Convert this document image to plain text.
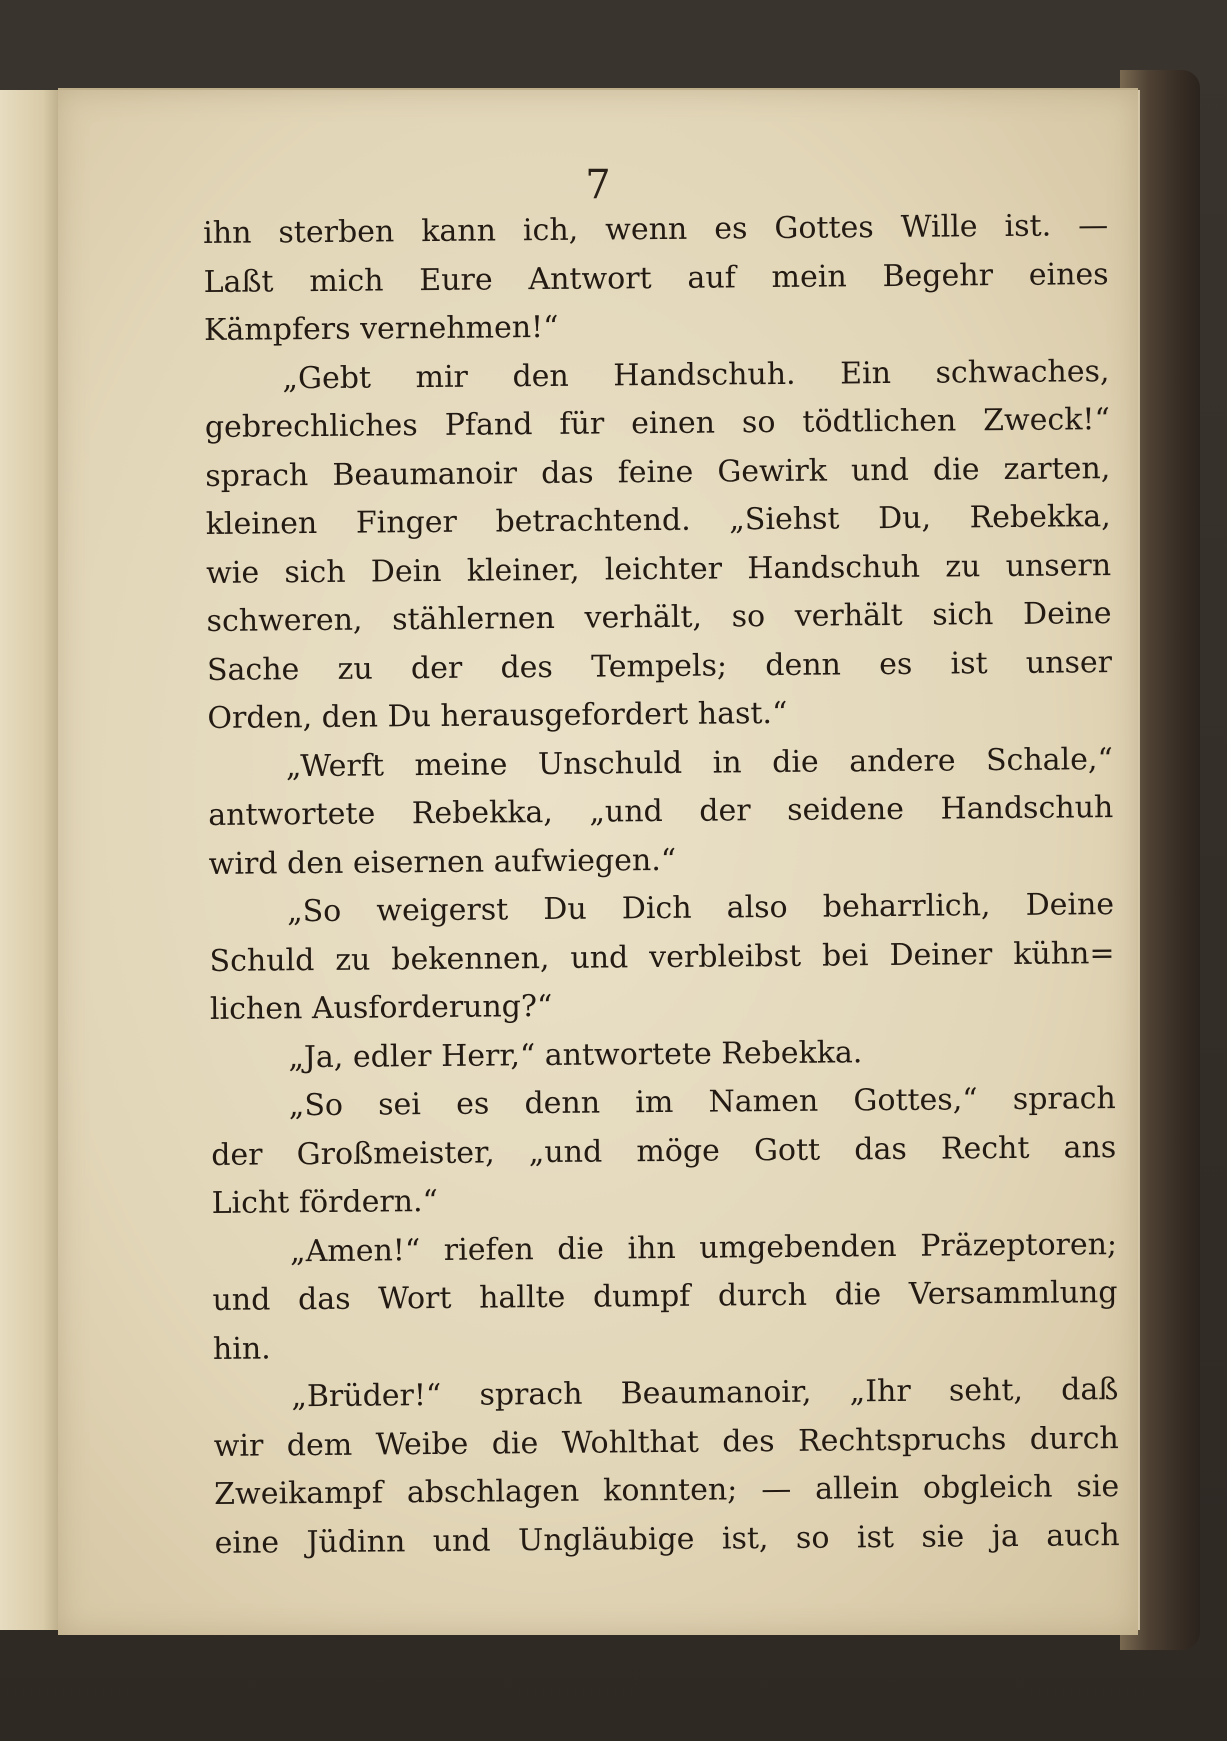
7
ihn sterben kann ich, wenn es Gottes Wille ist. —
Laßt mich Eure Antwort auf mein Begehr eines
Kämpfers vernehmen!“
„Gebt mir den Handschuh. Ein schwaches,
gebrechliches Pfand für einen so tödtlichen Zweck!“
sprach Beaumanoir das feine Gewirk und die zarten,
kleinen Finger betrachtend. „Siehst Du, Rebekka,
wie sich Dein kleiner, leichter Handschuh zu unsern
schweren, stählernen verhält, so verhält sich Deine
Sache zu der des Tempels; denn es ist unser
Orden, den Du herausgefordert hast.“
„Werft meine Unschuld in die andere Schale,“
antwortete Rebekka, „und der seidene Handschuh
wird den eisernen aufwiegen.“
„So weigerst Du Dich also beharrlich, Deine
Schuld zu bekennen, und verbleibst bei Deiner kühn=
lichen Ausforderung?“
„Ja, edler Herr,“ antwortete Rebekka.
„So sei es denn im Namen Gottes,“ sprach
der Großmeister, „und möge Gott das Recht ans
Licht fördern.“
„Amen!“ riefen die ihn umgebenden Präzeptoren;
und das Wort hallte dumpf durch die Versammlung
hin.
„Brüder!“ sprach Beaumanoir, „Ihr seht, daß
wir dem Weibe die Wohlthat des Rechtspruchs durch
Zweikampf abschlagen konnten; — allein obgleich sie
eine Jüdinn und Ungläubige ist, so ist sie ja auch
